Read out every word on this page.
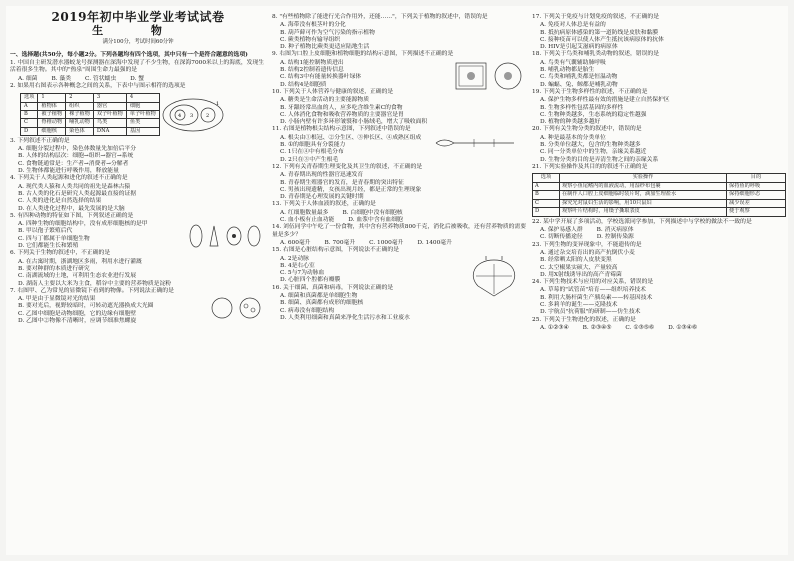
2019年初中毕业学业考试试卷
生 物
满分100分，考试时间60分钟
一、选择题(共50分，每小题2分。下列各题均有四个选项，其中只有一个是符合题意的选项)
1. 中国自主研发潜水器蛟龙号探测器在深海中发现了不少生物，在深海7000米以上的海底，发现生活着很多生物。其中的"热泉"周围生命力最强的是
A. 细菌 B. 藻类 C. 管状蠕虫 D. 蟹
2. 如果用右图表示各种概念之间的关系，下表中与图示相符的选项是
选项	1	2	3	4
A	植物体	组织	器官	细胞
B	被子植物	裸子植物	双子叶植物	单子叶植物
C	脊椎动物	哺乳动物	鸟类	鱼类
D	细胞核	染色体	DNA	基因
4 3	2
1
3. 下列叙述不正确的是
A. 细胞分裂过程中，染色体数量先加倍后平分
B. 人体的结构层次：细胞→组织→器官→系统
C. 食物链通常是：生产者→消费者→分解者
D. 生物体都能进行呼吸作用，释放能量
4. 下列关于人类起源和进化的叙述不正确的是
A. 现代类人猿和人类共同的祖先是森林古猿
B. 古人类的化石是研究人类起源最直接的证据
C. 人类的进化是自然选择的结果
D. 在人类进化过程中，最先发展的是大脑
5. 有四种动物的特征如下图，下列叙述正确的是
A. 四种生物的细胞结构中，没有成形细胞核的是甲
B. 甲以孢子繁殖后代
C. 四与丁都属于单细胞生物
D. 它们都能生长和繁殖
6. 下列关于生物的叙述中，不正确的是
A. 在古寓时期，浙湖地区多雨，利用水进行灌溉
B. 要对种群的本质进行研究
C. 南湖流域的土地，可利用生态农业进行发展
D. 湖南人主要以大米为主食，稻谷中主要的营养物质是淀粉
7. 右图甲、乙为常见的显微镜下看到的物像。下列说法正确的是
A. 甲是由于显微镜对光的结果
B. 要对光后，视野较暗时，可转动遮光器换成大光圈
C. 乙图中细胞是动物细胞，它的边缘有细胞壁
D. 乙图中②物像不清晰时，应调节细准焦螺旋
8. "有些植物除了能进行光合作用外，还能……"，下列关于植物的叙述中，错误的是
A. 海带没有根茎叶的分化
B. 葫芦藓可作为空气污染的指示植物
C. 蕨类植物有输导组织
D. 种子植物比蕨类更适应陆地生活
9. 右图为口腔上皮细胞和植物细胞的结构示意图，下列描述不正确的是
A. 结构1能控制物质进出
B. 结构2控制着遗传信息
C. 结构3中有能量转换器叶绿体
D. 结构4是细胞质
10. 下列关于人体营养与健康的叙述，正确的是
A. 糖类是生命活动的主要能源物质
B. 牙龈经常出血的人，应多吃含维生素C的食物
C. 人体消化食物和吸收营养物质的主要器官是胃
D. 小肠内壁有许多环形皱襞和小肠绒毛，增大了吸收面积
11. 右图是植物根尖结构示意图，下列叙述中错误的是
A. 根尖由①根冠、②分生区、③伸长区、④成熟区组成
B. ①的细胞具有分裂能力
C. 1只在④中有根毛分布
D. 2只在③中产生根毛
12. 下列有关青春期生理变化及其卫生的叙述，不正确的是
A. 青春期出现的性器官迅速发育
B. 青春期生殖器官的发育，是青春期的突出特征
C. 男孩出现遗精，女孩出现月经，都是正常的生理现象
D. 青春期是心理发展的关键时期
13. 下列关于人体血液的叙述，正确的是
A. 红细胞数量最多 B. 白细胞中没有细胞核
C. 血小板有止血功能 D. 血浆中含有血细胞
14. 刘伍同学中午吃了一份食物，其中含有营养物质800千克，消化后被吸收，还有营养物质的需要量是多少？
A. 600毫升 B. 700毫升 C. 1000毫升 D. 1400毫升
15. 右图是心脏结构示意图，下列说法不正确的是
A. 2是动脉
B. 4是右心室
C. 5与7为动脉血
D. 心脏四个腔都有瓣膜
16. 关于细菌、真菌和病毒，下列说法正确的是
A. 细菌和真菌都是单细胞生物
B. 细菌、真菌都有成形的细胞核
C. 病毒没有细胞结构
D. 人类利用细菌和真菌来净化生活污水和工业废水
17. 下列关于免疫与计划免疫的叙述，不正确的是
A. 免疫对人体总是有益的
B. 抵抗病原体感染的第一道防线是皮肤和黏膜
C. 接种疫苗可以使人体产生抵抗该病原体的抗体
D. HIV是引起艾滋病的病原体
18. 下列关于鸟类和哺乳类动物的叙述，错误的是
A. 鸟类有气囊辅助肺呼吸
B. 哺乳动物都是胎生
C. 鸟类和哺乳类都是恒温动物
D. 蝙蝠、兔、鲸都是哺乳动物
19. 下列关于生物多样性的叙述，不正确的是
A. 保护生物多样性最有效的措施是建立自然保护区
B. 生物多样性包括基因的多样性
C. 生物种类越多，生态系统的稳定性越强
D. 植物的种类越多越好
20. 下列有关生物分类的叙述中，错误的是
A. 种是最基本的分类单位
B. 分类单位越大，包含的生物种类越多
C. 同一分类单位中的生物，亲缘关系越近
D. 生物分类的目的是弄清生物之间的亲缘关系
21. 下列实验操作及其目的的叙述不正确的是
选项	实验操作	目的
A	观察小鱼尾鳍内的血液流动，用湿纱布包裹	保持鱼的呼吸
B	在制作人口腔上皮细胞临时装片时，滴加生理盐水	保持细胞形态
C	探究光对鼠妇生活的影响，用10只鼠妇	减少误差
D	观察叶片结构时，用镊子撕取表皮	便于观察
22. 某中学开展了多项活动，学校选派同学参加，下列描述中与学校的做法不一致的是
A. 保护易感人群 B. 消灭病原体
C. 切断传播途径 D. 控制传染源
23. 下列生物的变异现象中，不能遗传的是
A. 通过杂交培育出的高产抗倒伏小麦
B. 经常晒太阳的人皮肤变黑
C. 太空椒果实硕大、产量较高
D. 用X射线诱导出的高产青霉菌
24. 下列生物技术与应用的对应关系，错误的是
A. 草莓的"试管苗"培育——组织培养技术
B. 利用大肠杆菌生产胰岛素——转基因技术
C. 多莉羊的诞生——克隆技术
D. 宇航员"抗荷服"的研制——仿生技术
25. 下列关于生物进化的叙述，正确的是
A. ①②③④ B. ②③④⑤ C. ①③⑤⑥ D. ①③④⑥
